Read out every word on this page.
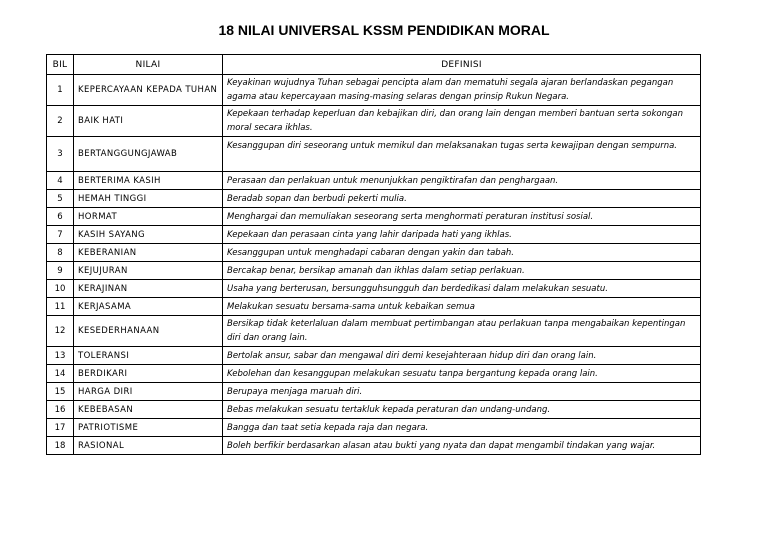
18 NILAI UNIVERSAL KSSM PENDIDIKAN MORAL
BIL	NILAI	DEFINISI
1	KEPERCAYAAN KEPADA TUHAN	Keyakinan wujudnya Tuhan sebagai pencipta alam dan mematuhi segala ajaran berlandaskan pegangan agama atau kepercayaan masing-masing selaras dengan prinsip Rukun Negara.
2	BAIK HATI	Kepekaan terhadap keperluan dan kebajikan diri, dan orang lain dengan memberi bantuan serta sokongan moral secara ikhlas.
3	BERTANGGUNGJAWAB	Kesanggupan diri seseorang untuk memikul dan melaksanakan tugas serta kewajipan dengan sempurna.
4	BERTERIMA KASIH	Perasaan dan perlakuan untuk menunjukkan pengiktirafan dan penghargaan.
5	HEMAH TINGGI	Beradab sopan dan berbudi pekerti mulia.
6	HORMAT	Menghargai dan memuliakan seseorang serta menghormati peraturan institusi sosial.
7	KASIH SAYANG	Kepekaan dan perasaan cinta yang lahir daripada hati yang ikhlas.
8	KEBERANIAN	Kesanggupan untuk menghadapi cabaran dengan yakin dan tabah.
9	KEJUJURAN	Bercakap benar, bersikap amanah dan ikhlas dalam setiap perlakuan.
10	KERAJINAN	Usaha yang berterusan, bersungguhsungguh dan berdedikasi dalam melakukan sesuatu.
11	KERJASAMA	Melakukan sesuatu bersama-sama untuk kebaikan semua
12	KESEDERHANAAN	Bersikap tidak keterlaluan dalam membuat pertimbangan atau perlakuan tanpa mengabaikan kepentingan diri dan orang lain.
13	TOLERANSI	Bertolak ansur, sabar dan mengawal diri demi kesejahteraan hidup diri dan orang lain.
14	BERDIKARI	Kebolehan dan kesanggupan melakukan sesuatu tanpa bergantung kepada orang lain.
15	HARGA DIRI	Berupaya menjaga maruah diri.
16	KEBEBASAN	Bebas melakukan sesuatu tertakluk kepada peraturan dan undang-undang.
17	PATRIOTISME	Bangga dan taat setia kepada raja dan negara.
18	RASIONAL	Boleh berfikir berdasarkan alasan atau bukti yang nyata dan dapat mengambil tindakan yang wajar.
